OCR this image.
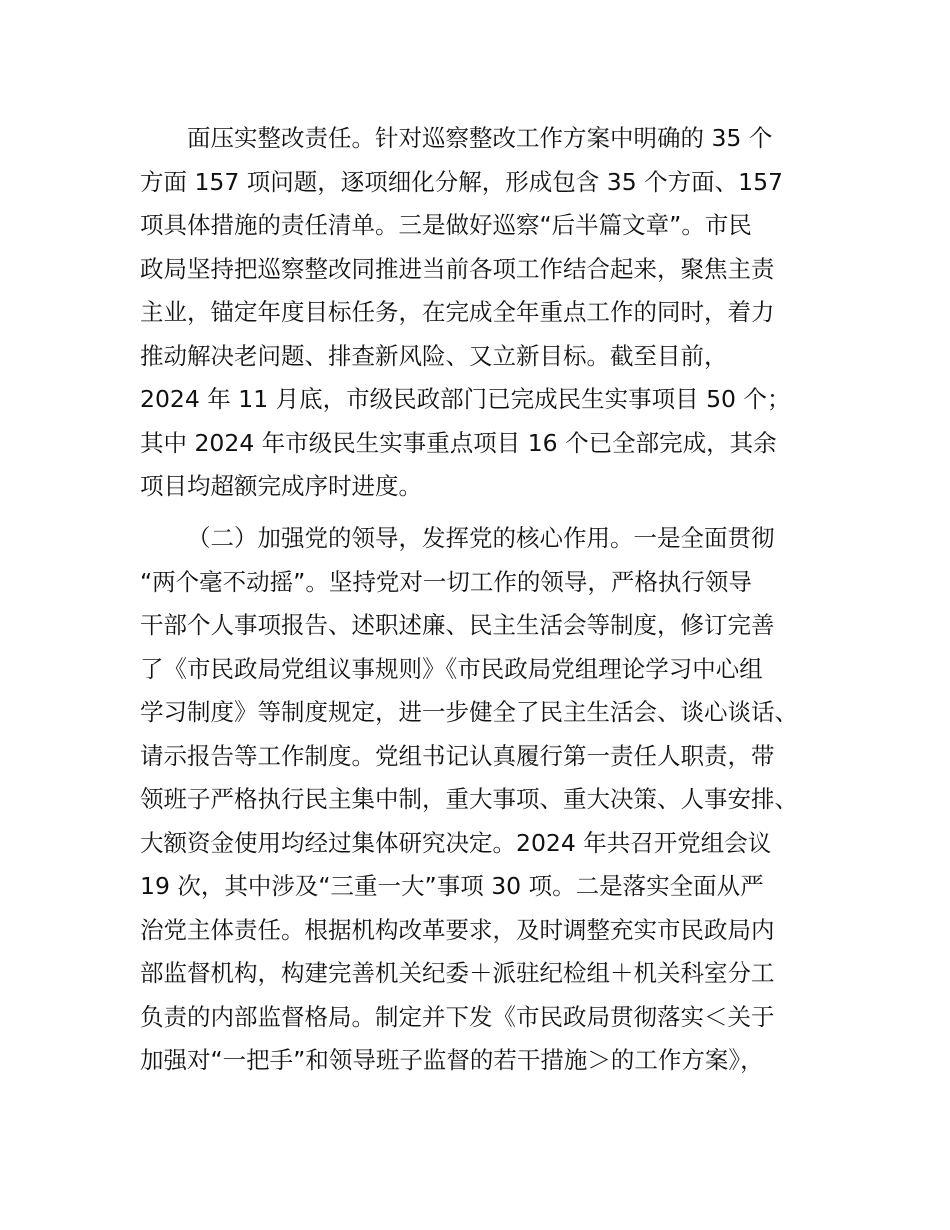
面压实整改责任。针对巡察整改工作方案中明确的 35 个
方面 157 项问题，逐项细化分解，形成包含 35 个方面、157
项具体措施的责任清单。三是做好巡察“后半篇文章”。市民
政局坚持把巡察整改同推进当前各项工作结合起来，聚焦主责
主业，锚定年度目标任务，在完成全年重点工作的同时，着力
推动解决老问题、排查新风险、又立新目标。截至目前，
2024 年 11 月底，市级民政部门已完成民生实事项目 50 个；
其中 2024 年市级民生实事重点项目 16 个已全部完成，其余
项目均超额完成序时进度。
（二）加强党的领导，发挥党的核心作用。一是全面贯彻
“两个毫不动摇”。坚持党对一切工作的领导，严格执行领导
干部个人事项报告、述职述廉、民主生活会等制度，修订完善
了《市民政局党组议事规则》《市民政局党组理论学习中心组
学习制度》等制度规定，进一步健全了民主生活会、谈心谈话、
请示报告等工作制度。党组书记认真履行第一责任人职责，带
领班子严格执行民主集中制，重大事项、重大决策、人事安排、
大额资金使用均经过集体研究决定。2024 年共召开党组会议
19 次，其中涉及“三重一大”事项 30 项。二是落实全面从严
治党主体责任。根据机构改革要求，及时调整充实市民政局内
部监督机构，构建完善机关纪委＋派驻纪检组＋机关科室分工
负责的内部监督格局。制定并下发《市民政局贯彻落实＜关于
加强对“一把手”和领导班子监督的若干措施＞的工作方案》，
